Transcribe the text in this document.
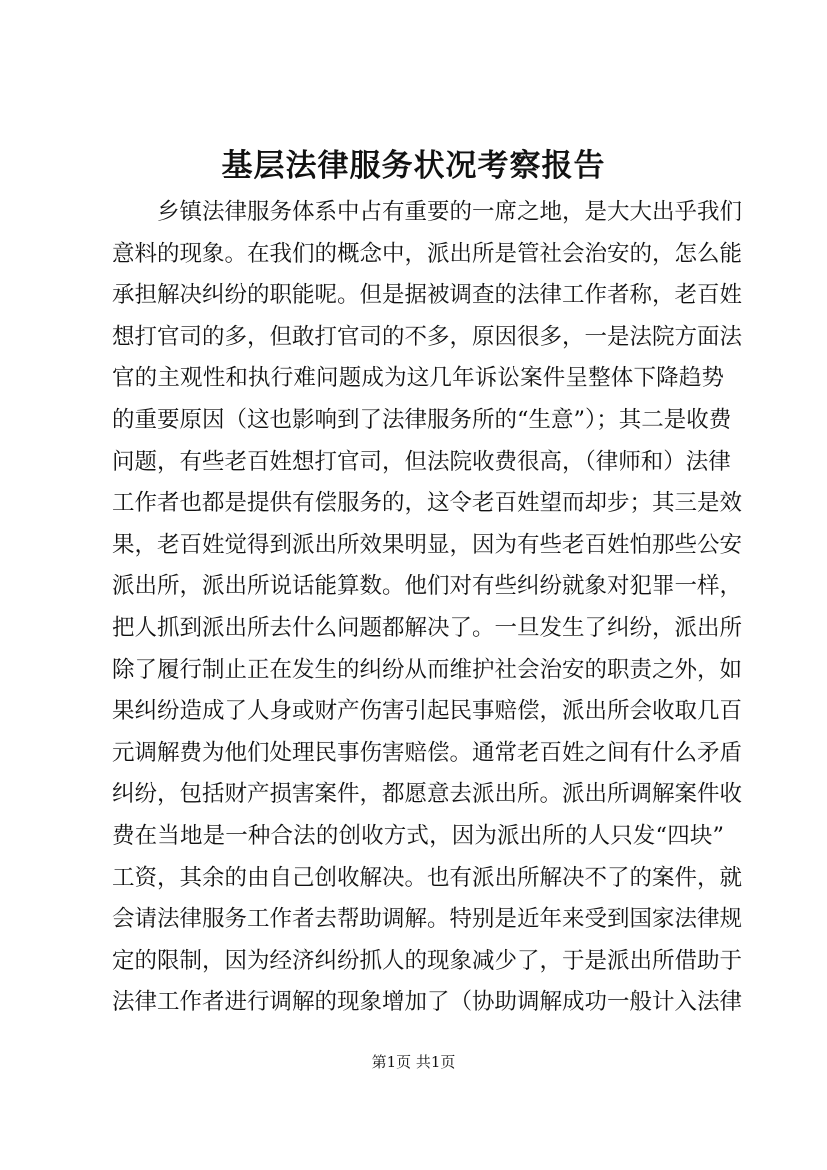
基层法律服务状况考察报告
乡镇法律服务体系中占有重要的一席之地，是大大出乎我们
意料的现象。在我们的概念中，派出所是管社会治安的，怎么能
承担解决纠纷的职能呢。但是据被调查的法律工作者称，老百姓
想打官司的多，但敢打官司的不多，原因很多，一是法院方面法
官的主观性和执行难问题成为这几年诉讼案件呈整体下降趋势
的重要原因（这也影响到了法律服务所的“生意”）；其二是收费
问题，有些老百姓想打官司，但法院收费很高，（律师和）法律
工作者也都是提供有偿服务的，这令老百姓望而却步；其三是效
果，老百姓觉得到派出所效果明显，因为有些老百姓怕那些公安
派出所，派出所说话能算数。他们对有些纠纷就象对犯罪一样，
把人抓到派出所去什么问题都解决了。一旦发生了纠纷，派出所
除了履行制止正在发生的纠纷从而维护社会治安的职责之外，如
果纠纷造成了人身或财产伤害引起民事赔偿，派出所会收取几百
元调解费为他们处理民事伤害赔偿。通常老百姓之间有什么矛盾
纠纷，包括财产损害案件，都愿意去派出所。派出所调解案件收
费在当地是一种合法的创收方式，因为派出所的人只发“四块”
工资，其余的由自己创收解决。也有派出所解决不了的案件，就
会请法律服务工作者去帮助调解。特别是近年来受到国家法律规
定的限制，因为经济纠纷抓人的现象减少了，于是派出所借助于
法律工作者进行调解的现象增加了（协助调解成功一般计入法律
第1页 共1页
